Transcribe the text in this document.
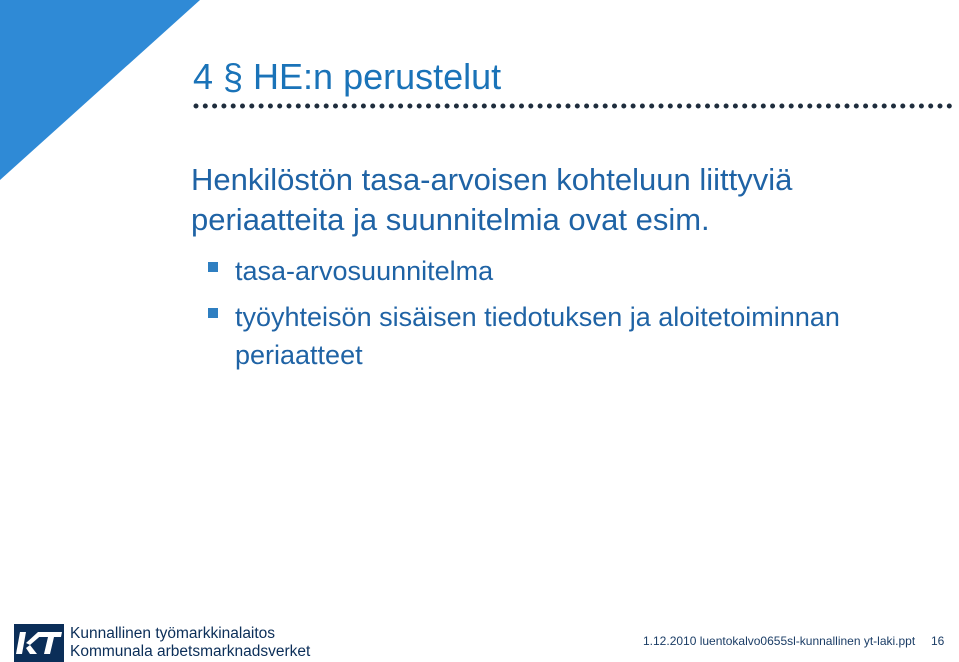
4 § HE:n perustelut
Henkilöstön tasa-arvoisen kohteluun liittyviä periaatteita ja suunnitelmia ovat esim.
tasa-arvosuunnitelma
työyhteisön sisäisen tiedotuksen ja aloitetoiminnan periaatteet
Kunnallinen työmarkkinalaitos
Kommunala arbetsmarknadsverket
1.12.2010 luentokalvo0655sl-kunnallinen yt-laki.ppt 16
